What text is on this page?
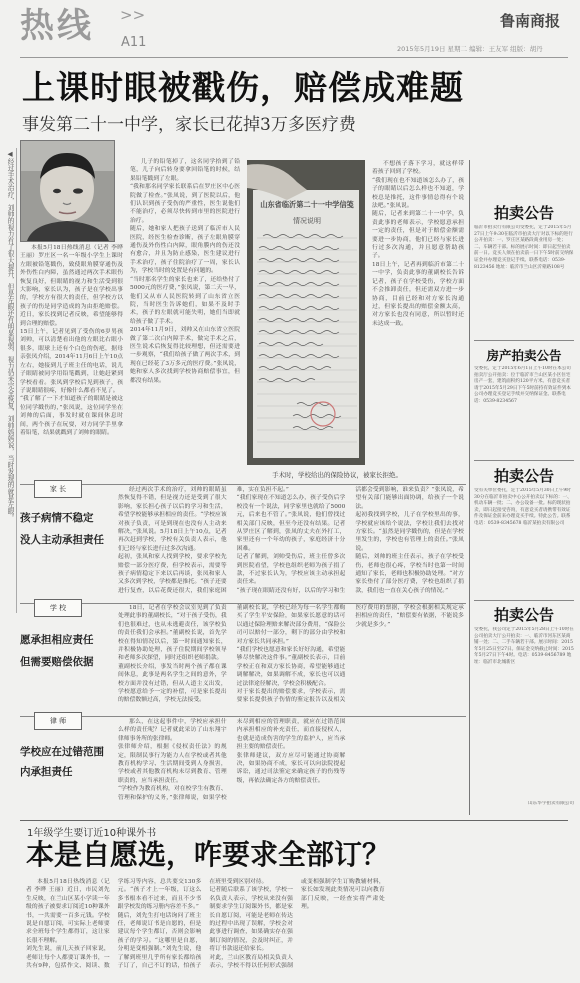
热线 >>
A11
鲁南商报
2015年5月19日 星期二 编辑：王友军 组版：胡丹
上课时眼被戳伤，赔偿成难题
事发第二十一中学，家长已花掉3万多医疗费
◀经过手术治疗，刘帅的视力有了很大提升，但是左眼还有明显视弱，视力仍未完全恢复，刘帅妈妈说，当时发现的就是左眼。	本报5月18日热线消息（记者 李晔 王丽）罗庄区一名一年级小学生上课时左眼被铅笔戳伤，致使眼角膜穿通伤及外伤性白内障，虽然通过两次手术眼伤恢复良好，但眼睛的视力和生活受到很大影响，家长认为，孩子是在学校出事的，学校方有很大的责任，但学校方以孩子的伤是同学造成的为由拒绝赔偿。近日，家长找到记者反映，希望能够得到合理的赔偿。
15日上午，记者见到了受伤的6岁男孩刘帅，可以清楚看出他的左眼比右眼小很多，眼球上还有个白色的伤疤，据母亲张凤介绍，2014年11月6日上午10点左右，她接到儿子班主任的电话，说儿子眼睛被同学用铅笔戳到，让她赶紧到学校看看。张凤到学校后见到孩子，孩子说眼睛很疼，好像什么都看不见了。
“我了解了一下才知道孩子的眼睛是被这位同学戳伤的，”张凤说，这位同学坐在刘帅的后面，事发时就在课间休息时间，两个孩子在玩耍，对方同学手里拿着铅笔，结果就戳到了刘帅的眼睛。

儿子的铅笔掉了，这名同学拾到了铅笔，儿子向后转身要拿回铅笔的时候，结果铅笔戳到了左眼。
“我和那名同学家长联系后在罗庄区中心医院做了检查。”张凤说，到了医院以后，他们认识到孩子受伤的严重性，医生说他们不能治疗，必须尽快转到市里的医院进行治疗。
随后，她和家人把孩子送到了临沂市人民医院，经医生检查诊断，孩子左眼角膜穿通伤及外伤性白内障，眼角膜内的伤还没有愈合，并且为防止感染，医生建议进行手术治疗，孩子住院治疗了一周，家长认为，学校当时的处置是有问题的。
“当时那名学生的家长也来了，还给垫付了5000元的医疗费，”张凤说，第二天一早，他们又从市人民医院转到了山东省立医院，当时医生告诉她们，如果不及时手术，孩子的左眼就可能失明，她们当即就给孩子做了手术。
2014年11月9日，刘帅又在山东省立医院做了第二次白内障手术，做完手术之后，医生说术后恢复得比较理想，但还需要进一步观察，“我们给孩子做了两次手术，到现在已经花了3万多元的医疗费。”张凤说，她和家人多次找到学校协商赔偿事宜，但都没有结果。

山东省临沂第二十一中学信笺
情况说明
手术时，学校给出的保险协议，被家长拒绝。

不想孩子落下学习，就这样带着孩子回到了学校。
“我们现在也不知道该怎么办了，孩子的眼睛以后怎么样也不知道，学校总是推托，这件事情总得有个说法吧。”张凤说。
随后，记者来到第二十一中学，负责此事的老师表示，学校愿意承担一定的责任，但是对于赔偿金额需要进一步协商，他们已经与家长进行过多次沟通，并且愿意帮助孩子。
18日上午，记者再到临沂市第二十一中学，负责此事的董副校长告诉记者，孩子在学校受伤，学校方面不会推卸责任，但还需双方进一步协商，目前已经和对方家长沟通过，但家长提出的赔偿金额太高，对方家长也没有同意，所以暂时还未达成一致。

家 长
孩子病情不稳定
没人主动承担责任

经过两次手术的治疗，刘帅的眼睛虽然恢复得不错，但是视力还是受到了很大影响，家长担心孩子以后的学习和生活，希望学校能够承担相应的责任。“学校应该对孩子负责，可是到现在也没有人主动来解决，”张凤说。5月18日上午10点，记者再次赶到学校，学校有关负责人表示，他们已经与家长进行过多次沟通。
起初，张凤和家人找到学校，要求学校先赔偿一部分医疗费，但学校表示，需要等孩子病情稳定下来以后再谈，张凤和家人又多次到学校，学校都是推托。“孩子还要进行复查，以后花费还很大，我们家庭困难，实在负担不起。”
“我们家现在不知道怎么办，孩子受伤后学校没有一个说法，同学家里也就给了5000元，后来也不管了。”张凤说，他们曾找过相关部门反映，但至今还没有结果。记者从罗庄区了解到，张凤的丈夫在外打工，家里还有一个年幼的孩子，家庭经济十分困难。
记者了解到，刘帅受伤后，班主任曾多次到医院看望，学校也组织老师为孩子捐了款，不过家长认为，学校应该主动承担起责任来。
“孩子现在眼睛还没有好，以后的学习和生活都会受到影响，谁来负责？”张凤说，希望有关部门能够出面协调，给孩子一个说法。
起初我找到学校，儿子在学校里出的事，学校就应该给个说法，学校让我们去找对方家长。“虽然是同学戳伤的，但是在学校里发生的，学校也有管理上的责任。”张凤说。
随后，刘帅的班主任表示，孩子在学校受伤，老师也很心疼，学校当时也第一时间通知了家长，老师也积极协助处理。“对方家长垫付了部分医疗费，学校也组织了捐款，我们也一直在关心孩子的情况。”

学 校
愿承担相应责任
但需要赔偿依据

18日，记者在学校会议室见到了负责处理此事的董副校长，“对于孩子受伤，我们也很难过，也从未逃避责任，该学校负的责任我们会承担。”董副校长说，首先学校在得知情况以后，第一时间通知家长，并积极协助处理，孩子住院期间学校领导和老师多次探望，同时还组织老师捐款。
董副校长介绍，事发当时两个孩子都在课间休息，此事是两名学生之间的意外，学校方面并没有过错，但从人道主义出发，学校愿意给予一定的补偿，可是家长提出的赔偿数额过高，学校无法接受。
董副校长说，学校已经为每一名学生都购买了学生平安保险，如果家长愿意的话可以通过保险理赔来解决部分费用，“保险公司可以赔付一部分，剩下的部分由学校和对方家长共同承担。”
“我们学校也愿意和家长好好沟通，希望能够尽快解决这件事。”董副校长表示，目前学校正在和双方家长协商，希望能够通过调解解决，如果调解不成，家长也可以通过法律途径解决，学校会积极配合。
对于家长提出的赔偿要求，学校表示，需要家长提供孩子伤情的鉴定报告以及相关医疗费用的票据，学校会根据相关规定承担相应的责任，“赔偿要有依据，不能说多少就是多少。”

律 师
学校应在过错范围
内承担责任

那么，在这起事件中，学校应承担什么样的责任呢？记者就此采访了山东翔宇律师事务所的张律师。
张律师介绍，根据《侵权责任法》的规定，限制民事行为能力人在学校或者其他教育机构学习、生活期间受到人身损害，学校或者其他教育机构未尽到教育、管理职责的，应当承担责任。
“学校作为教育机构，对在校学生有教育、管理和保护的义务，”张律师说，如果学校未尽到相应的管理职责，就应在过错范围内承担相应的补充责任，而直接侵权人，也就是造成伤害的学生的监护人，应当承担主要的赔偿责任。
张律师建议，双方应尽可能通过协商解决，如果协商不成，家长可以向法院提起诉讼，通过司法鉴定来确定孩子的伤残等级，再依法确定各方的赔偿责任。

拍卖公告
临沂市拍卖行有限公司受委托，定于2015年5月27日上午9:30在临沂市拍卖大厅对以下标的进行公开拍卖：一、罗庄区某路段商业用房一处；二、车辆若干部。标的展示时间：即日起至拍卖前一日。竞买人须在拍卖前一日下午5时前交纳保证金并办理竞买登记手续。联系电话：0539-8123456 地址：临沂市兰山区沂蒙路108号
房产拍卖公告
受委托，定于2015年6月1日上午10时在本公司拍卖厅公开拍卖：位于临沂市兰山区某小区住宅房产一套，建筑面积约120平方米。有意竞买者请于2015年5月29日下午5时前持有效证件到本公司办理竞买登记手续并交纳保证金。联系电话：0539-8234567
拍卖公告
受有关单位委托，定于2015年5月30日上午9时30分在临沂市拍卖中心公开拍卖以下标的：一、机动车辆一批；二、办公设备一批。标的现状拍卖，即日起接受咨询，有意竞买者请携带有效证件及保证金前来办理竞买手续。特此公告。联系电话：0539-8345678 临沂某拍卖有限公司
拍卖公告
受委托，我公司定于2015年5月28日上午10时在公司拍卖大厅公开拍卖：一、临沂市河东区某商铺一处；二、二手车辆若干部。展示时间：2015年5月25日至27日。保证金交纳截止时间：2015年5月27日下午4时。电话：0539-8456789 地址：临沂市北城新区
山东华宇拍卖有限公司
1年级学生要订近10种课外书
本是自愿选，咋要求全部订？

本报5月18日热线消息（记者 李晔 王丽）近日，市民刘先生反映，在兰山区某小学读一年级的孩子被要求订阅近10种课外书，一共需要一百多元钱。学校说是自愿订阅，可实际上老师要求全班每个学生都得订，这让家长很不理解。
刘先生说，前几天孩子回家说，老师让每个人都要订课外书，一共有9种，包括作文、阅读、数学练习等内容，总共要交130多元。“孩子才上一年级，订这么多书根本看不过来，而且不少书跟学校发的练习册内容差不多。”
随后，刘先生打电话询问了班主任，老师说订书是自愿的，但是建议每个学生都订，否则会影响孩子的学习。“这哪里是自愿，分明是变相强制。”刘先生说，他了解到班里几乎所有家长都给孩子订了，自己不订的话，怕孩子在班里受到区别对待。
记者随后联系了该学校，学校一名负责人表示，学校从来没有强制要求学生订阅课外书，都是家长自愿订阅，可能是老师在传达的过程中出现了误解，学校会对此事进行调查，如果确实存在强制订阅的情况，会及时纠正，并将订书款退还给家长。
对此，兰山区教育局相关负责人表示，学校不得以任何形式强制或变相强制学生订购教辅材料，家长如发现此类情况可以向教育部门反映，一经查实将严肃处理。
